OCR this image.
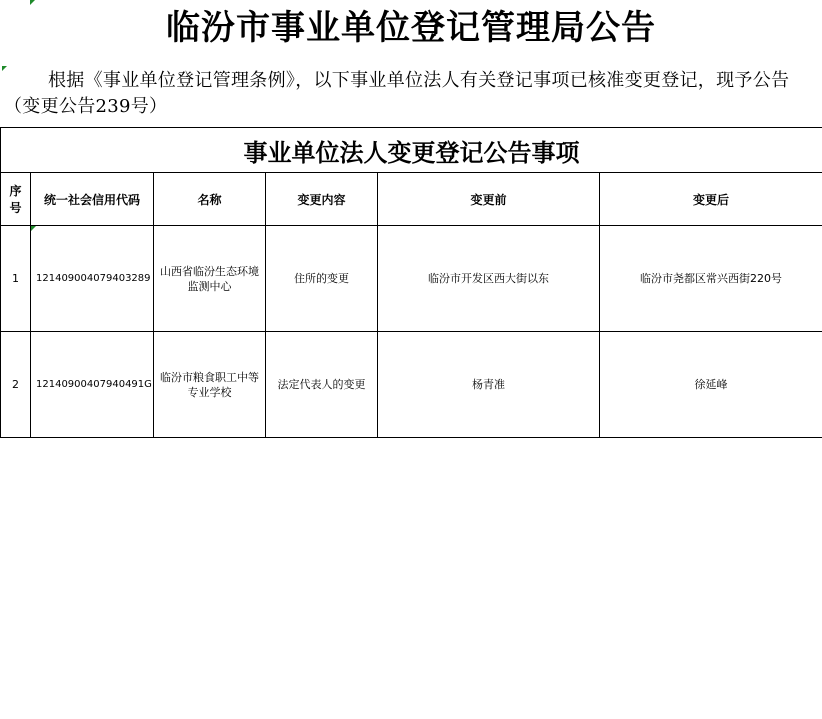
临汾市事业单位登记管理局公告
根据《事业单位登记管理条例》，以下事业单位法人有关登记事项已核准变更登记，现予公告（变更公告239号）
事业单位法人变更登记公告事项					
序号	统一社会信用代码	名称	变更内容	变更前	变更后
1	12140900407940328‌9	山西省临汾生态环境监测中心	住所的变更	临汾市开发区西大街以东	临汾市尧都区常兴西街220号
2	12140900407940491G	临汾市粮食职工中等专业学校	法定代表人的变更	杨青准	徐延峰
